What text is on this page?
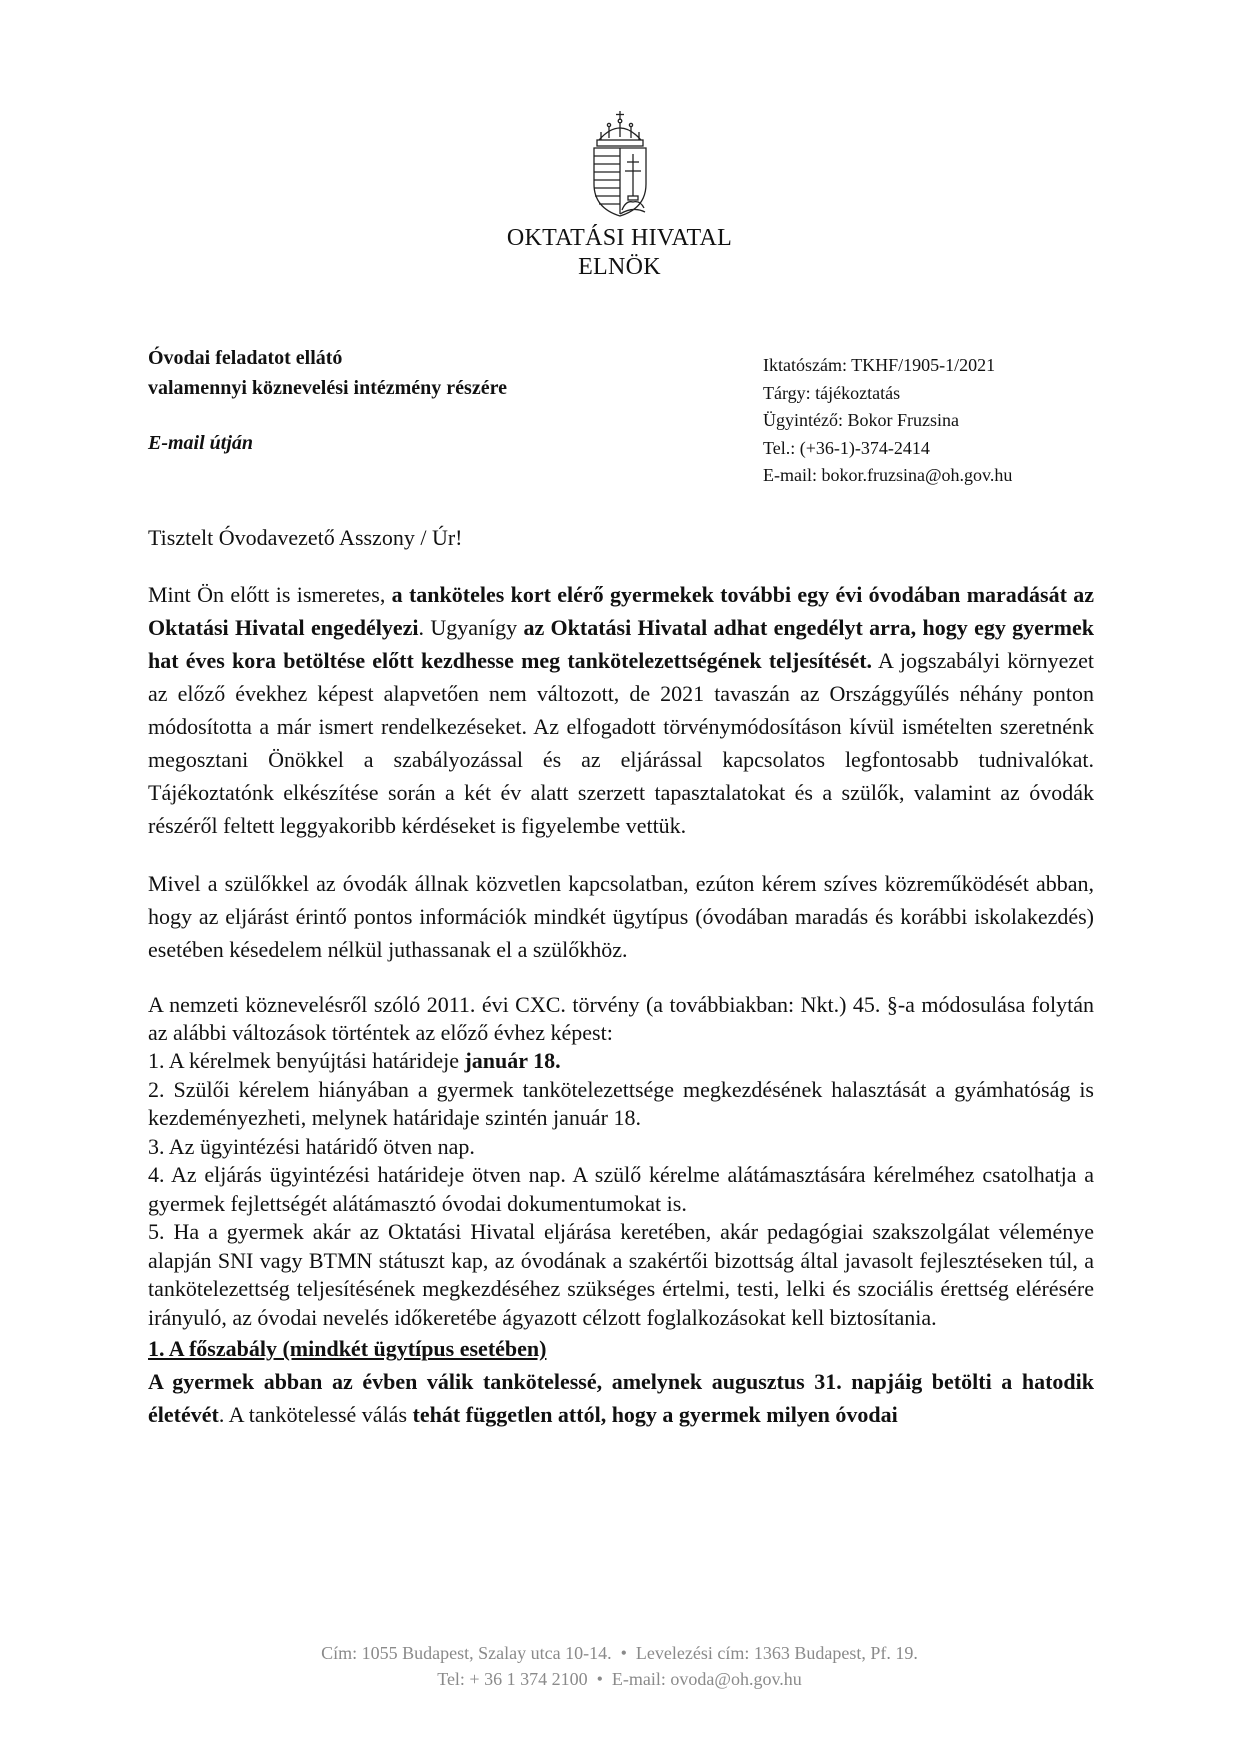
OKTATÁSI HIVATAL
ELNÖK
Óvodai feladatot ellátó
valamennyi köznevelési intézmény részére
E-mail útján
Iktatószám: TKHF/1905-1/2021
Tárgy: tájékoztatás
Ügyintéző: Bokor Fruzsina
Tel.: (+36-1)-374-2414
E-mail: bokor.fruzsina@oh.gov.hu

Tisztelt Óvodavezető Asszony / Úr!

Mint Ön előtt is ismeretes, a tanköteles kort elérő gyermekek további egy évi óvodában maradását az Oktatási Hivatal engedélyezi. Ugyanígy az Oktatási Hivatal adhat engedélyt arra, hogy egy gyermek hat éves kora betöltése előtt kezdhesse meg tankötelezettségének teljesítését. A jogszabályi környezet az előző évekhez képest alapvetően nem változott, de 2021 tavaszán az Országgyűlés néhány ponton módosította a már ismert rendelkezéseket. Az elfogadott törvénymódosításon kívül ismételten szeretnénk megosztani Önökkel a szabályozással és az eljárással kapcsolatos legfontosabb tudnivalókat. Tájékoztatónk elkészítése során a két év alatt szerzett tapasztalatokat és a szülők, valamint az óvodák részéről feltett leggyakoribb kérdéseket is figyelembe vettük.

Mivel a szülőkkel az óvodák állnak közvetlen kapcsolatban, ezúton kérem szíves közreműködését abban, hogy az eljárást érintő pontos információk mindkét ügytípus (óvodában maradás és korábbi iskolakezdés) esetében késedelem nélkül juthassanak el a szülőkhöz.

A nemzeti köznevelésről szóló 2011. évi CXC. törvény (a továbbiakban: Nkt.) 45. §-a módosulása folytán az alábbi változások történtek az előző évhez képest:

1. A kérelmek benyújtási határideje január 18.
2. Szülői kérelem hiányában a gyermek tankötelezettsége megkezdésének halasztását a gyámhatóság is kezdeményezheti, melynek határidaje szintén január 18.
3. Az ügyintézési határidő ötven nap.
4. Az eljárás ügyintézési határideje ötven nap. A szülő kérelme alátámasztására kérelméhez csatolhatja a gyermek fejlettségét alátámasztó óvodai dokumentumokat is.
5. Ha a gyermek akár az Oktatási Hivatal eljárása keretében, akár pedagógiai szakszolgálat véleménye alapján SNI vagy BTMN státuszt kap, az óvodának a szakértői bizottság által javasolt fejlesztéseken túl, a tankötelezettség teljesítésének megkezdéséhez szükséges értelmi, testi, lelki és szociális érettség elérésére irányuló, az óvodai nevelés időkeretébe ágyazott célzott foglalkozásokat kell biztosítania.

1. A főszabály (mindkét ügytípus esetében)

A gyermek abban az évben válik tankötelessé, amelynek augusztus 31. napjáig betölti a hatodik életévét. A tankötelessé válás tehát független attól, hogy a gyermek milyen óvodai

Cím: 1055 Budapest, Szalay utca 10-14. • Levelezési cím: 1363 Budapest, Pf. 19.
Tel: + 36 1 374 2100 • E-mail: ovoda@oh.gov.hu
